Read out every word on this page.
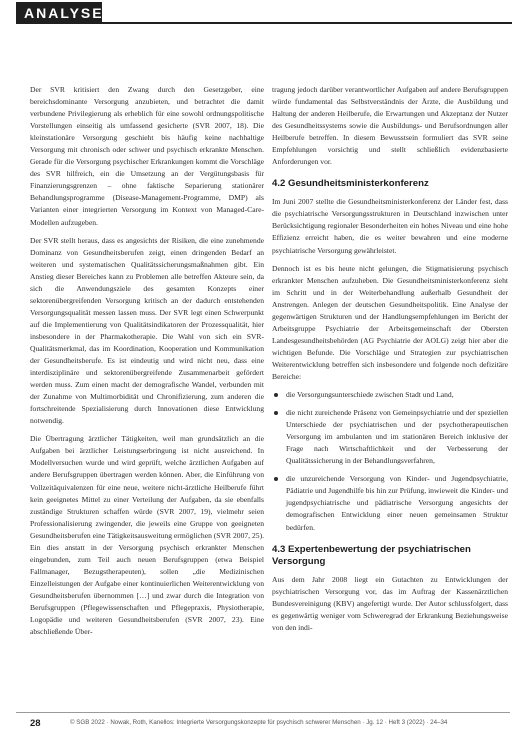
ANALYSE

Der SVR kritisiert den Zwang durch den Gesetzgeber, eine bereichsdominante Versorgung anzubieten, und betrachtet die damit verbundene Privilegierung als erheblich für eine sowohl ordnungspolitische Vorstellungen einseitig als umfassend gesicherte (SVR 2007, 18). Die kleinstationäre Versorgung geschieht bis häufig keine nachhaltige Versorgung mit chronisch oder schwer und psychisch erkrankte Menschen. Gerade für die Versorgung psychischer Erkrankungen kommt die Vorschläge des SVR hilfreich, ein die Umsetzung an der Vergütungsbasis für Finanzierungsgrenzen – ohne faktische Separierung stationärer Behandlungsprogramme (Disease-Management-Programme, DMP) als Varianten einer integrierten Versorgung im Kontext von Managed-Care-Modellen aufzugeben.

Der SVR stellt heraus, dass es angesichts der Risiken, die eine zunehmende Dominanz von Gesundheitsberufen zeigt, einen dringenden Bedarf an weiteren und systematischen Qualitätssicherungsmaßnahmen gibt. Ein Anstieg dieser Bereiches kann zu Problemen alle betreffen Akteure sein, da sich die Anwendungsziele des gesamten Konzepts einer sektorenübergreifenden Versorgung kritisch an der dadurch entstehenden Versorgungsqualität messen lassen muss. Der SVR legt einen Schwerpunkt auf die Implementierung von Qualitätsindikatoren der Prozessqualität, hier insbesondere in der Pharmakotherapie. Die Wahl von sich ein SVR-Qualitätsmerkmal, das im Koordination, Kooperation und Kommunikation der Gesundheitsberufe. Es ist eindeutig und wird nicht neu, dass eine interdisziplinäre und sektorenübergreifende Zusammenarbeit gefördert werden muss. Zum einen macht der demografische Wandel, verbunden mit der Zunahme von Multimorbidität und Chronifizierung, zum anderen die fortschreitende Spezialisierung durch Innovationen diese Entwicklung notwendig.

Die Übertragung ärztlicher Tätigkeiten, weil man grundsätzlich an die Aufgaben bei ärztlicher Leistungserbringung ist nicht ausreichend. In Modellversuchen wurde und wird geprüft, welche ärztlichen Aufgaben auf andere Berufsgruppen übertragen werden können. Aber, die Einführung von Vollzeitäquivalenzen für eine neue, weitere nicht-ärztliche Heilberufe führt kein geeignetes Mittel zu einer Verteilung der Aufgaben, da sie ebenfalls zuständige Strukturen schaffen würde (SVR 2007, 19), vielmehr seien Professionalisierung zwingender, die jeweils eine Gruppe von geeigneten Gesundheitsberufen eine Tätigkeitsausweitung ermöglichen (SVR 2007, 25). Ein dies anstatt in der Versorgung psychisch erkrankter Menschen eingebunden, zum Teil auch neuen Berufsgruppen (etwa Beispiel Fallmanager, Bezugstherapeuten), sollen „die Medizinischen Einzelleistungen der Aufgabe einer kontinuierlichen Weiterentwicklung von Gesundheitsberufen übernommen […] und zwar durch die Integration von Berufsgruppen (Pflegewissenschaften und Pflegepraxis, Physiotherapie, Logopädie und weiteren Gesundheitsberufen (SVR 2007, 23). Eine abschließende Über-

tragung jedoch darüber verantwortlicher Aufgaben auf andere Berufsgruppen würde fundamental das Selbstverständnis der Ärzte, die Ausbildung und Haltung der anderen Heilberufe, die Erwartungen und Akzeptanz der Nutzer des Gesundheitssystems sowie die Ausbildungs- und Berufsordnungen aller Heilberufe betreffen. In diesem Bewusstsein formuliert das SVR seine Empfehlungen vorsichtig und stellt schließlich evidenzbasierte Anforderungen vor.

4.2 Gesundheitsministerkonferenz

Im Juni 2007 stellte die Gesundheitsministerkonferenz der Länder fest, dass die psychiatrische Versorgungsstrukturen in Deutschland inzwischen unter Berücksichtigung regionaler Besonderheiten ein hohes Niveau und eine hohe Effizienz erreicht haben, die es weiter bewahren und eine moderne psychiatrische Versorgung gewährleistet.

Dennoch ist es bis heute nicht gelungen, die Stigmatisierung psychisch erkrankter Menschen aufzuheben. Die Gesundheitsministerkonferenz sieht im Schritt und in der Weiterbehandlung außerhalb Gesundheit der Anstrengen. Anlegen der deutschen Gesundheitspolitik. Eine Analyse der gegenwärtigen Strukturen und der Handlungsempfehlungen im Bericht der Arbeitsgruppe Psychiatrie der Arbeitsgemeinschaft der Obersten Landesgesundheitsbehörden (AG Psychiatrie der AOLG) zeigt hier aber die wichtigen Befunde. Die Vorschläge und Strategien zur psychiatrischen Weiterentwicklung betreffen sich insbesondere und folgende noch defizitäre Bereiche:

die Versorgungsunterschiede zwischen Stadt und Land,
die nicht zureichende Präsenz von Gemeinpsychiatrie und der speziellen Unterschiede der psychiatrischen und der psychotherapeutischen Versorgung im ambulanten und im stationären Bereich inklusive der Frage nach Wirtschaftlichkeit und der Verbesserung der Qualitätssicherung in der Behandlungsverfahren,
die unzureichende Versorgung von Kinder- und Jugendpsychiatrie, Pädiatrie und Jugendhilfe bis hin zur Prüfung, inwieweit die Kinder- und jugendpsychiatrische und pädiatrische Versorgung angesichts der demografischen Entwicklung einer neuen gemeinsamen Struktur bedürfen.
4.3 Expertenbewertung der psychiatrischen Versorgung

Aus dem Jahr 2008 liegt ein Gutachten zu Entwicklungen der psychiatrischen Versorgung vor, das im Auftrag der Kassenärztlichen Bundesvereinigung (KBV) angefertigt wurde. Der Autor schlussfolgert, dass es gegenwärtig weniger vom Schweregrad der Erkrankung Beziehungsweise von den indi-

28	© SGB 2022 · Nowak, Roth, Kanellos: Integrierte Versorgungskonzepte für psychisch schwerer Menschen · Jg. 12 · Heft 3 (2022) · 24–34
